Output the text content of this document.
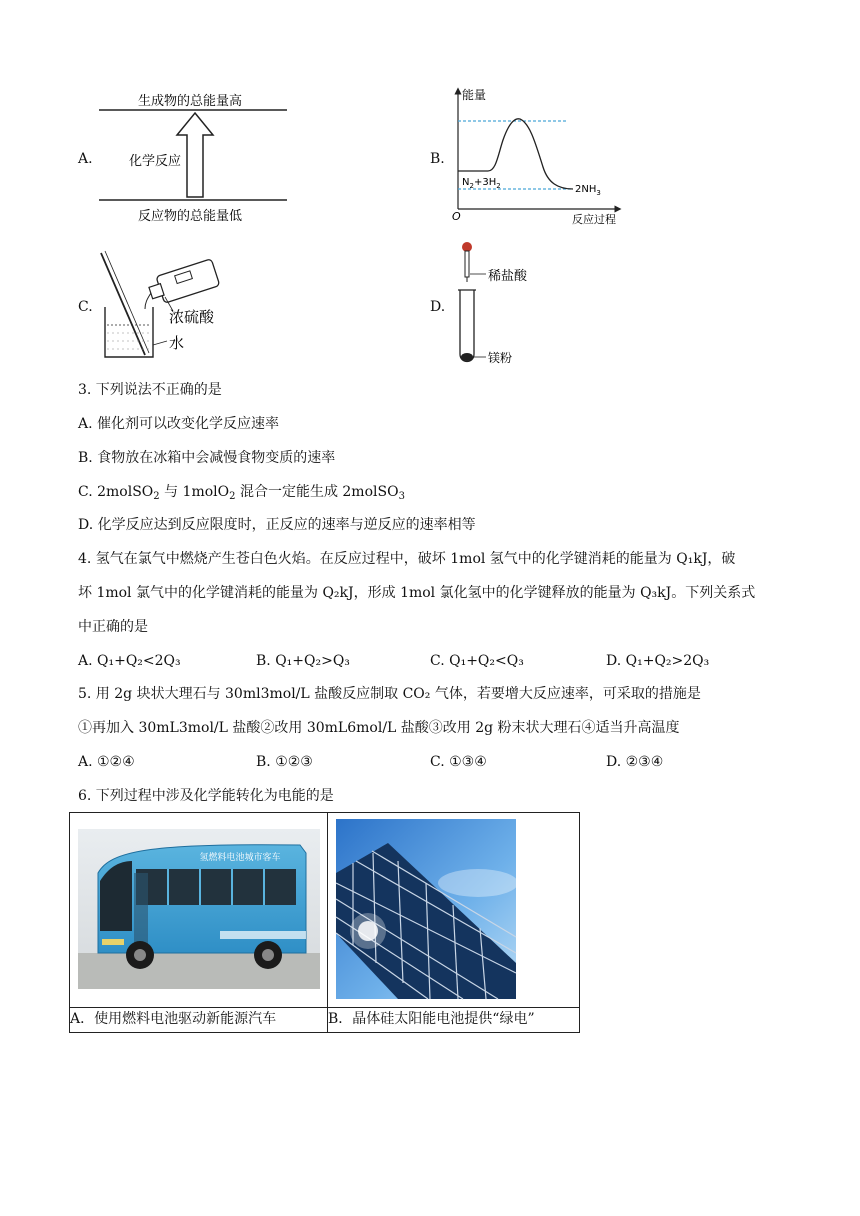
A.
生成物的总能量高
化学反应
反应物的总能量低
B.
能量
O	反应过程
$N_2+3H_2$	$2NH_3$
C.
浓硫酸
水
D.
稀盐酸
镁粉
3. 下列说法不正确的是
A. 催化剂可以改变化学反应速率
B. 食物放在冰箱中会减慢食物变质的速率
C. 2molSO$_2$ 与 1molO$_2$ 混合一定能生成 2molSO$_3$
D. 化学反应达到反应限度时，正反应的速率与逆反应的速率相等
4. 氢气在氯气中燃烧产生苍白色火焰。在反应过程中，破坏 1mol 氢气中的化学键消耗的能量为 Q₁kJ，破
坏 1mol 氯气中的化学键消耗的能量为 Q₂kJ，形成 1mol 氯化氢中的化学键释放的能量为 Q₃kJ。下列关系式
中正确的是
A. Q₁+Q₂<2Q₃	B. Q₁+Q₂>Q₃	C. Q₁+Q₂<Q₃	D. Q₁+Q₂>2Q₃
5. 用 2g 块状大理石与 30ml3mol/L 盐酸反应制取 CO₂ 气体，若要增大反应速率，可采取的措施是
①再加入 30mL3mol/L 盐酸②改用 30mL6mol/L 盐酸③改用 2g 粉末状大理石④适当升高温度
A. ①②④	B. ①②③	C. ①③④	D. ②③④
6. 下列过程中涉及化学能转化为电能的是
氢燃料电池城市客车

A．使用燃料电池驱动新能源汽车	B．晶体硅太阳能电池提供“绿电”
